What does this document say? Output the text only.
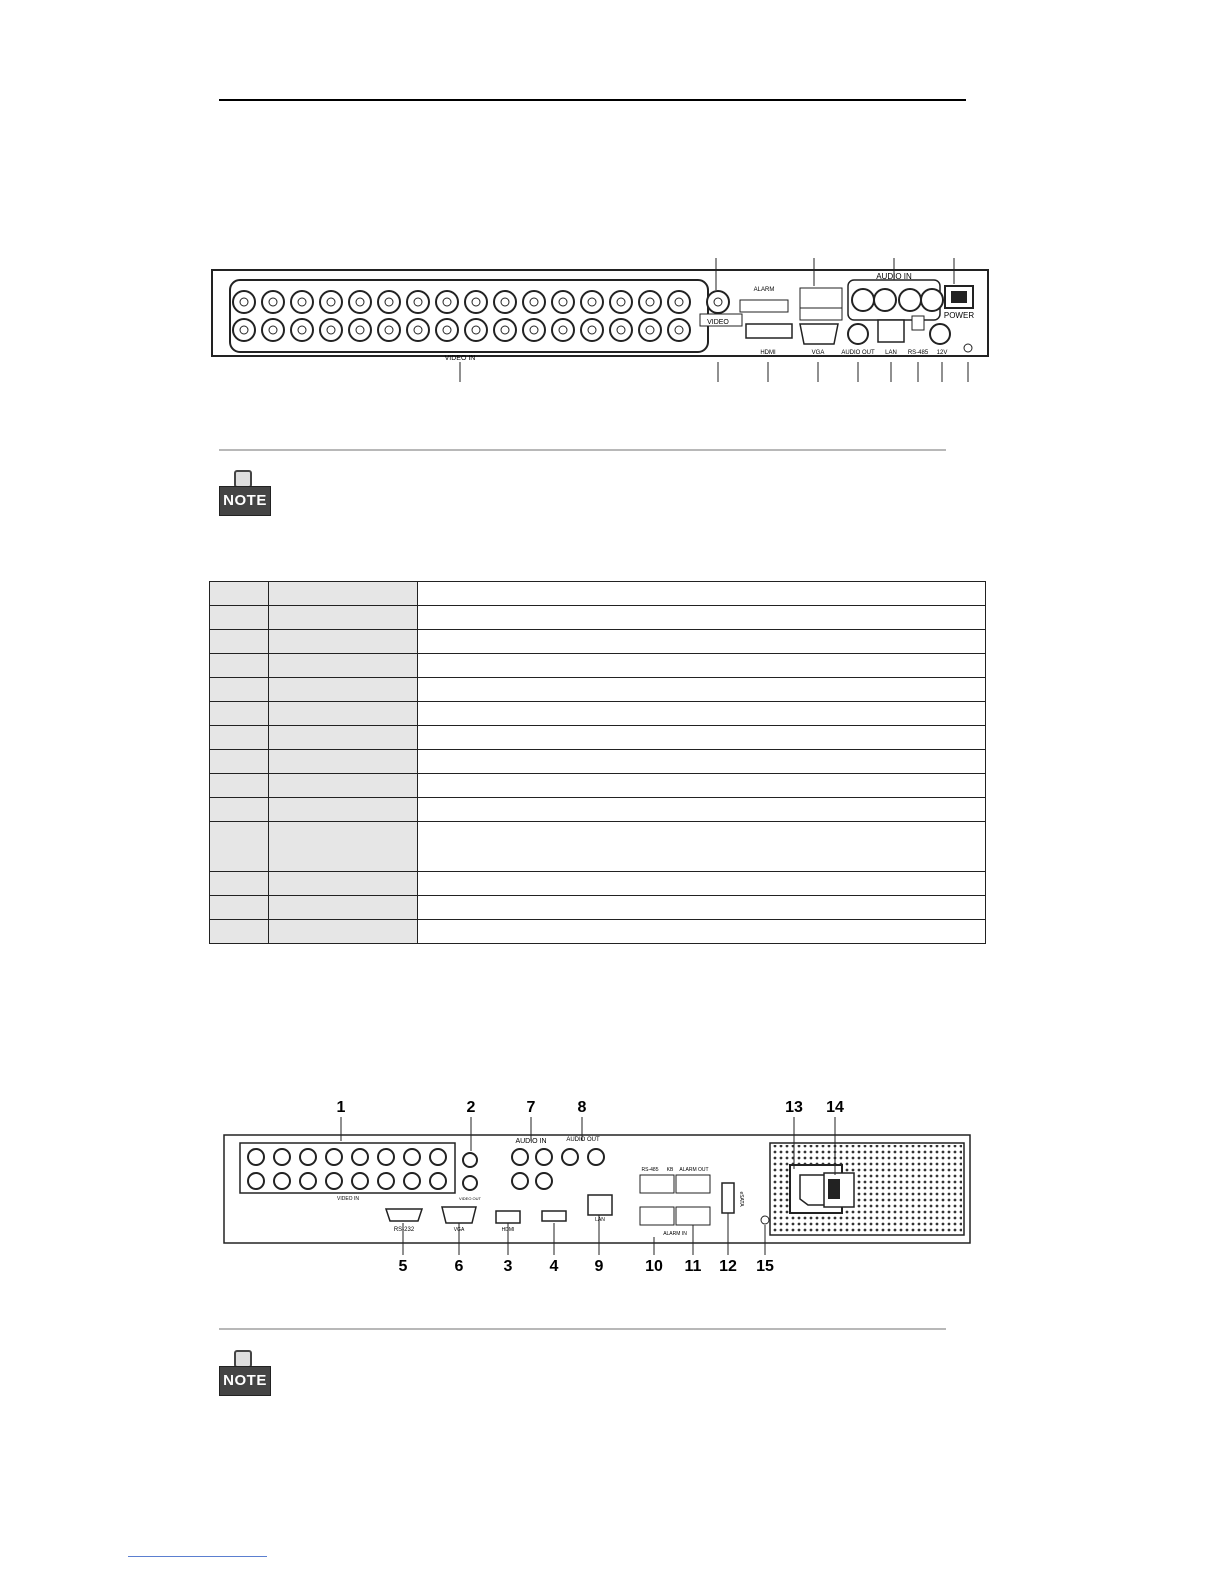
VIDEO IN
VIDEO
ALARM
AUDIO IN
POWER
HDMI	VGA	AUDIO OUT LAN RS-485 12V
NOTE

VIDEO IN
AUDIO IN	AUDIO OUT
RS-232	VGA	HDMI
LAN
ALARM IN
ALARM OUT
RS-485 KB
VIDEO OUT	eSATA
1	2	7	8	13 14
5	6	3 4 9	10 11 12 15
NOTE
